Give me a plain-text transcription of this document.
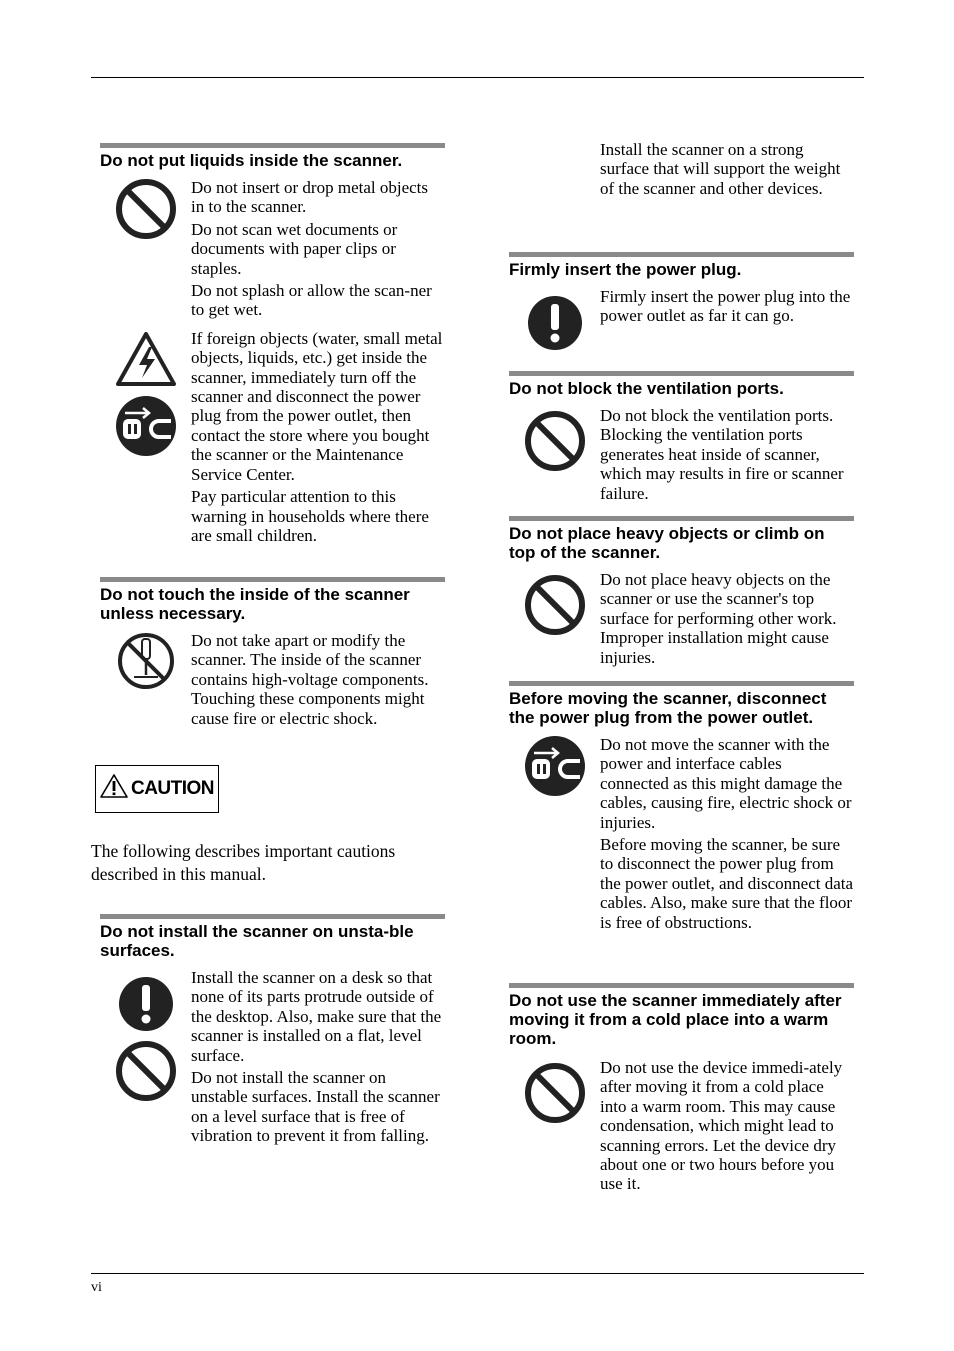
Do not put liquids inside the scanner.

Do not insert or drop metal objects in to the scanner.

Do not scan wet documents or documents with paper clips or staples.

Do not splash or allow the scan-ner to get wet.

If foreign objects (water, small metal objects, liquids, etc.) get inside the scanner, immediately turn off the scanner and disconnect the power plug from the power outlet, then contact the store where you bought the scanner or the Maintenance Service Center.

Pay particular attention to this warning in households where there are small children.

Do not touch the inside of the scanner unless necessary.

Do not take apart or modify the scanner. The inside of the scanner contains high-voltage components. Touching these components might cause fire or electric shock.

CAUTION
The following describes important cautions described in this manual.
Do not install the scanner on unsta-ble surfaces.

Install the scanner on a desk so that none of its parts protrude outside of the desktop. Also, make sure that the scanner is installed on a flat, level surface.

Do not install the scanner on unstable surfaces. Install the scanner on a level surface that is free of vibration to prevent it from falling.

Install the scanner on a strong surface that will support the weight of the scanner and other devices.
Firmly insert the power plug.

Firmly insert the power plug into the power outlet as far it can go.

Do not block the ventilation ports.

Do not block the ventilation ports. Blocking the ventilation ports generates heat inside of scanner, which may results in fire or scanner failure.

Do not place heavy objects or climb on top of the scanner.

Do not place heavy objects on the scanner or use the scanner's top surface for performing other work. Improper installation might cause injuries.

Before moving the scanner, disconnect the power plug from the power outlet.

Do not move the scanner with the power and interface cables connected as this might damage the cables, causing fire, electric shock or injuries.

Before moving the scanner, be sure to disconnect the power plug from the power outlet, and disconnect data cables. Also, make sure that the floor is free of obstructions.

Do not use the scanner immediately after moving it from a cold place into a warm room.

Do not use the device immedi-ately after moving it from a cold place into a warm room. This may cause condensation, which might lead to scanning errors. Let the device dry about one or two hours before you use it.

vi
